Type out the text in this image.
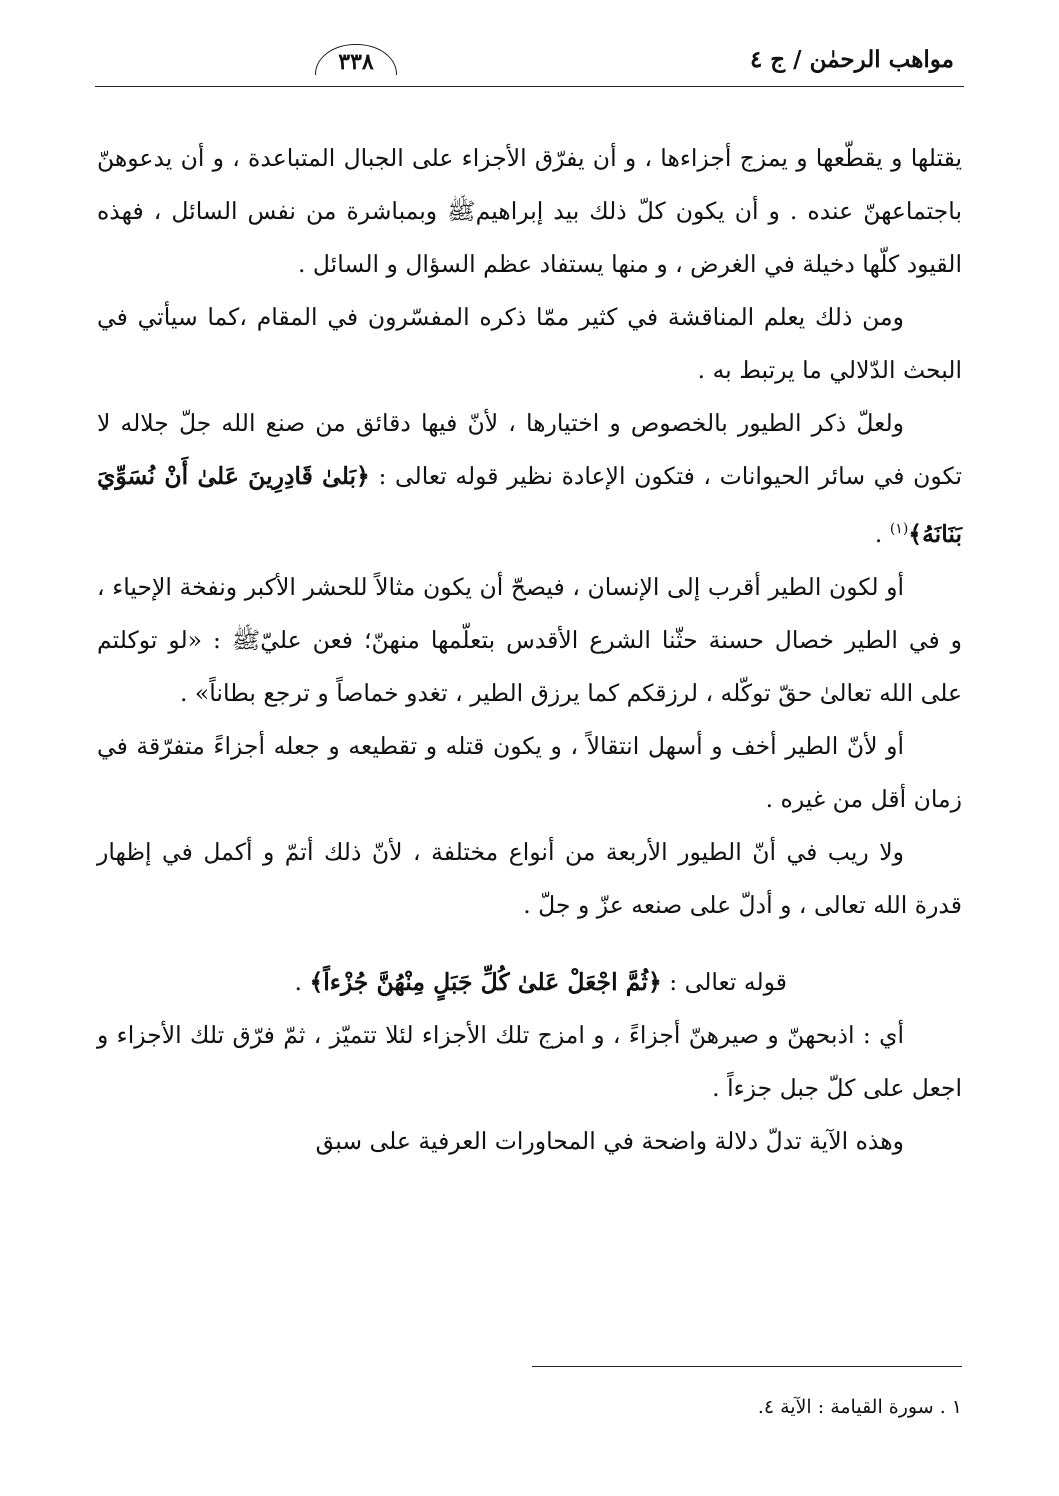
مواهب الرحمٰن / ج ٤
٣٣٨

يقتلها و يقطّعها و يمزج أجزاءها ، و أن يفرّق الأجزاء على الجبال المتباعدة ، و أن يدعوهنّ باجتماعهنّ عنده . و أن يكون كلّ ذلك بيد إبراهيمﷺ وبمباشرة من نفس السائل ، فهذه القيود كلّها دخيلة في الغرض ، و منها يستفاد عظم السؤال و السائل .

ومن ذلك يعلم المناقشة في كثير ممّا ذكره المفسّرون في المقام ،كما سيأتي في البحث الدّلالي ما يرتبط به .

ولعلّ ذكر الطيور بالخصوص و اختيارها ، لأنّ فيها دقائق من صنع الله جلّ جلاله لا تكون في سائر الحيوانات ، فتكون الإعادة نظير قوله تعالى : ﴿بَلىٰ قَادِرِينَ عَلىٰ أَنْ نُسَوِّيَ بَنَانَهُ﴾$^{(١)}$ .

أو لكون الطير أقرب إلى الإنسان ، فيصحّ أن يكون مثالاً للحشر الأكبر ونفخة الإحياء ، و في الطير خصال حسنة حثّنا الشرع الأقدس بتعلّمها منهنّ؛ فعن عليّﷺ : «لو توكلتم على الله تعالىٰ حقّ توكّله ، لرزقكم كما يرزق الطير ، تغدو خماصاً و ترجع بطاناً» .

أو لأنّ الطير أخف و أسهل انتقالاً ، و يكون قتله و تقطيعه و جعله أجزاءً متفرّقة في زمان أقل من غيره .

ولا ريب في أنّ الطيور الأربعة من أنواع مختلفة ، لأنّ ذلك أتمّ و أكمل في إظهار قدرة الله تعالى ، و أدلّ على صنعه عزّ و جلّ .

قوله تعالى : ﴿ثُمَّ اجْعَلْ عَلىٰ كُلِّ جَبَلٍ مِنْهُنَّ جُزْءاً﴾ .

أي : اذبحهنّ و صيرهنّ أجزاءً ، و امزج تلك الأجزاء لئلا تتميّز ، ثمّ فرّق تلك الأجزاء و اجعل على كلّ جبل جزءاً .

وهذه الآية تدلّ دلالة واضحة في المحاورات العرفية على سبق

١ . سورة القيامة : الآية ٤.
